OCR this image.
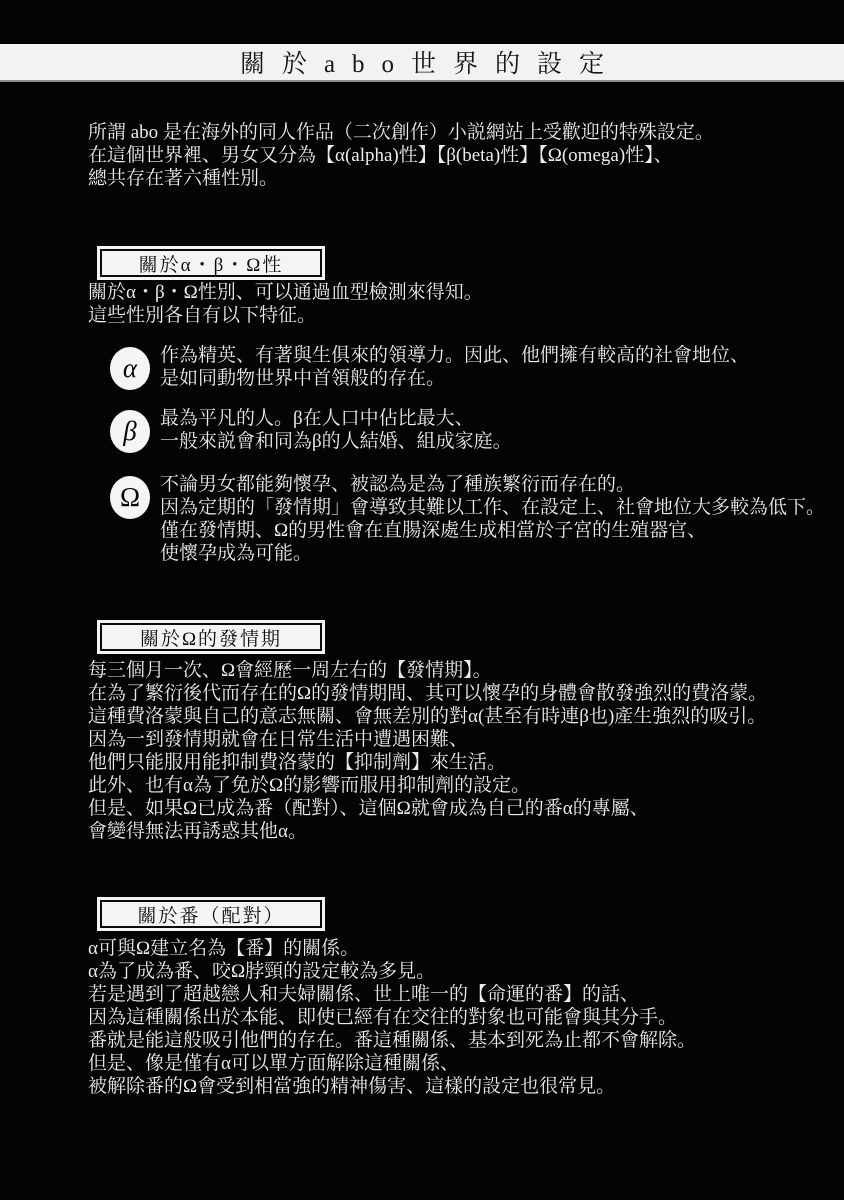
關於abo世界的設定
所謂 abo 是在海外的同人作品（二次創作）小説網站上受歡迎的特殊設定。
在這個世界裡、男女又分為【α(alpha)性】【β(beta)性】【Ω(omega)性】、
總共存在著六種性別。
關於α・β・Ω性
關於α・β・Ω性別、可以通過血型檢測來得知。
這些性別各自有以下特征。
α	作為精英、有著與生俱來的領導力。因此、他們擁有較高的社會地位、
是如同動物世界中首領般的存在。
β	最為平凡的人。β在人口中佔比最大、
一般來説會和同為β的人結婚、組成家庭。
Ω	不論男女都能夠懷孕、被認為是為了種族繁衍而存在的。
因為定期的「發情期」會導致其難以工作、在設定上、社會地位大多較為低下。
僅在發情期、Ω的男性會在直腸深處生成相當於子宮的生殖器官、
使懷孕成為可能。
關於Ω的發情期
每三個月一次、Ω會經歷一周左右的【發情期】。
在為了繁衍後代而存在的Ω的發情期間、其可以懷孕的身體會散發強烈的費洛蒙。
這種費洛蒙與自己的意志無關、會無差別的對α(甚至有時連β也)產生強烈的吸引。
因為一到發情期就會在日常生活中遭遇困難、
他們只能服用能抑制費洛蒙的【抑制劑】來生活。
此外、也有α為了免於Ω的影響而服用抑制劑的設定。
但是、如果Ω已成為番（配對）、這個Ω就會成為自己的番α的專屬、
會變得無法再誘惑其他α。
關於番（配對）
α可與Ω建立名為【番】的關係。
α為了成為番、咬Ω脖頸的設定較為多見。
若是遇到了超越戀人和夫婦關係、世上唯一的【命運的番】的話、
因為這種關係出於本能、即使已經有在交往的對象也可能會與其分手。
番就是能這般吸引他們的存在。番這種關係、基本到死為止都不會解除。
但是、像是僅有α可以單方面解除這種關係、
被解除番的Ω會受到相當強的精神傷害、這樣的設定也很常見。
